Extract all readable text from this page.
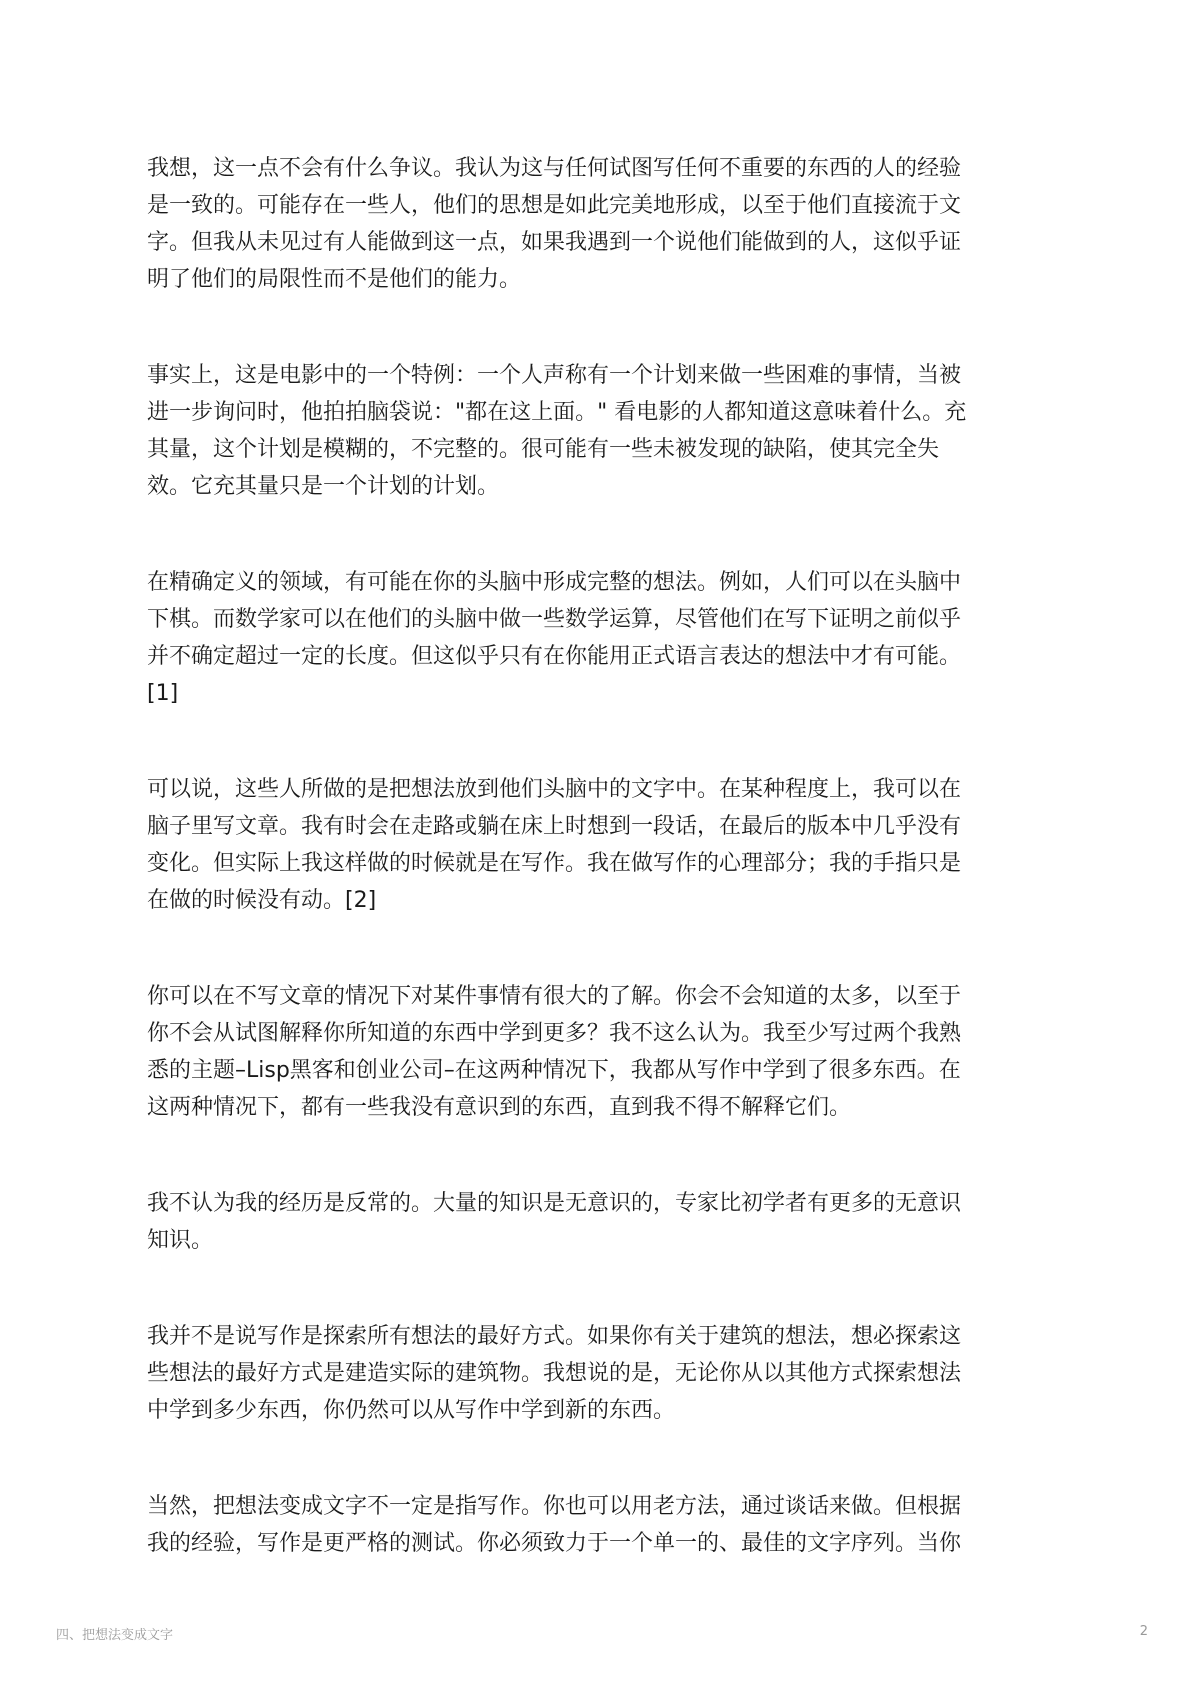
我想，这一点不会有什么争议。我认为这与任何试图写任何不重要的东西的人的经验
是一致的。可能存在一些人，他们的思想是如此完美地形成，以至于他们直接流于文
字。但我从未见过有人能做到这一点，如果我遇到一个说他们能做到的人，这似乎证
明了他们的局限性而不是他们的能力。

事实上，这是电影中的一个特例：一个人声称有一个计划来做一些困难的事情，当被
进一步询问时，他拍拍脑袋说："都在这上面。" 看电影的人都知道这意味着什么。充
其量，这个计划是模糊的，不完整的。很可能有一些未被发现的缺陷，使其完全失
效。它充其量只是一个计划的计划。

在精确定义的领域，有可能在你的头脑中形成完整的想法。例如，人们可以在头脑中
下棋。而数学家可以在他们的头脑中做一些数学运算，尽管他们在写下证明之前似乎
并不确定超过一定的长度。但这似乎只有在你能用正式语言表达的想法中才有可能。
[1]

可以说，这些人所做的是把想法放到他们头脑中的文字中。在某种程度上，我可以在
脑子里写文章。我有时会在走路或躺在床上时想到一段话，在最后的版本中几乎没有
变化。但实际上我这样做的时候就是在写作。我在做写作的心理部分；我的手指只是
在做的时候没有动。[2]

你可以在不写文章的情况下对某件事情有很大的了解。你会不会知道的太多，以至于
你不会从试图解释你所知道的东西中学到更多？我不这么认为。我至少写过两个我熟
悉的主题–Lisp黑客和创业公司–在这两种情况下，我都从写作中学到了很多东西。在
这两种情况下，都有一些我没有意识到的东西，直到我不得不解释它们。

我不认为我的经历是反常的。大量的知识是无意识的，专家比初学者有更多的无意识
知识。

我并不是说写作是探索所有想法的最好方式。如果你有关于建筑的想法，想必探索这
些想法的最好方式是建造实际的建筑物。我想说的是，无论你从以其他方式探索想法
中学到多少东西，你仍然可以从写作中学到新的东西。

当然，把想法变成文字不一定是指写作。你也可以用老方法，通过谈话来做。但根据
我的经验，写作是更严格的测试。你必须致力于一个单一的、最佳的文字序列。当你

四、把想法变成文字	2
